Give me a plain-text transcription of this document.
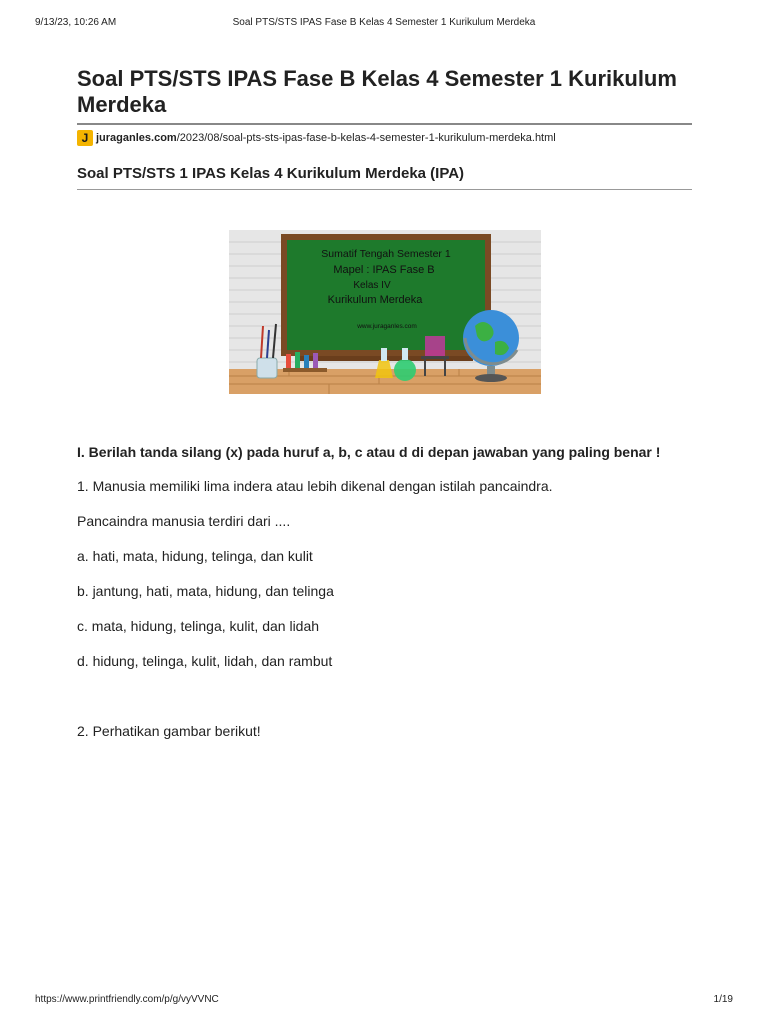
9/13/23, 10:26 AM	Soal PTS/STS IPAS Fase B Kelas 4 Semester 1 Kurikulum Merdeka
Soal PTS/STS IPAS Fase B Kelas 4 Semester 1 Kurikulum Merdeka
J juraganles.com /2023/08/soal-pts-sts-ipas-fase-b-kelas-4-semester-1-kurikulum-merdeka.html
Soal PTS/STS 1 IPAS Kelas 4 Kurikulum Merdeka (IPA)
Sumatif Tengah Semester 1
Mapel : IPAS Fase B
Kelas IV
Kurikulum Merdeka
www.juraganles.com

I. Berilah tanda silang (x) pada huruf a, b, c atau d di depan jawaban yang paling benar !

1. Manusia memiliki lima indera atau lebih dikenal dengan istilah pancaindra.

Pancaindra manusia terdiri dari ....

a. hati, mata, hidung, telinga, dan kulit

b. jantung, hati, mata, hidung, dan telinga

c. mata, hidung, telinga, kulit, dan lidah

d. hidung, telinga, kulit, lidah, dan rambut

2. Perhatikan gambar berikut!

https://www.printfriendly.com/p/g/vyVVNC	1/19
